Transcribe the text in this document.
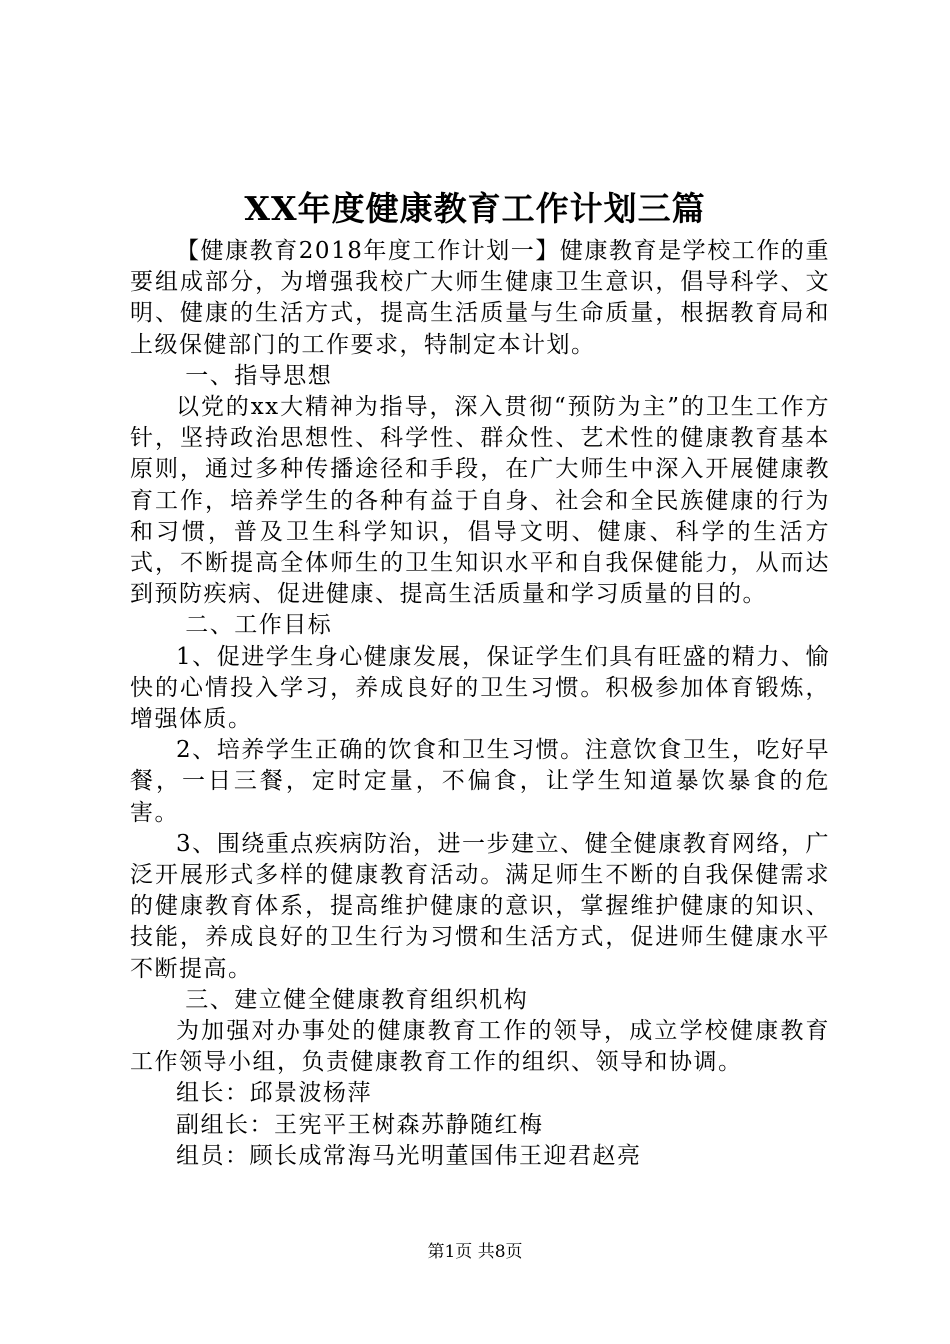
XX年度健康教育工作计划三篇

【健康教育2018年度工作计划一】健康教育是学校工作的重要组成部分，为增强我校广大师生健康卫生意识，倡导科学、文明、健康的生活方式，提高生活质量与生命质量，根据教育局和上级保健部门的工作要求，特制定本计划。

一、指导思想

以党的xx大精神为指导，深入贯彻“预防为主”的卫生工作方针，坚持政治思想性、科学性、群众性、艺术性的健康教育基本原则，通过多种传播途径和手段，在广大师生中深入开展健康教育工作，培养学生的各种有益于自身、社会和全民族健康的行为和习惯，普及卫生科学知识，倡导文明、健康、科学的生活方式，不断提高全体师生的卫生知识水平和自我保健能力，从而达到预防疾病、促进健康、提高生活质量和学习质量的目的。

二、工作目标

1、促进学生身心健康发展，保证学生们具有旺盛的精力、愉快的心情投入学习，养成良好的卫生习惯。积极参加体育锻炼，增强体质。

2、培养学生正确的饮食和卫生习惯。注意饮食卫生，吃好早餐，一日三餐，定时定量，不偏食，让学生知道暴饮暴食的危害。

3、围绕重点疾病防治，进一步建立、健全健康教育网络，广泛开展形式多样的健康教育活动。满足师生不断的自我保健需求的健康教育体系，提高维护健康的意识，掌握维护健康的知识、技能，养成良好的卫生行为习惯和生活方式，促进师生健康水平不断提高。

三、建立健全健康教育组织机构

为加强对办事处的健康教育工作的领导，成立学校健康教育工作领导小组，负责健康教育工作的组织、领导和协调。

组长：邱景波杨萍

副组长：王宪平王树森苏静随红梅

组员：顾长成常海马光明董国伟王迎君赵亮

第1页 共8页
